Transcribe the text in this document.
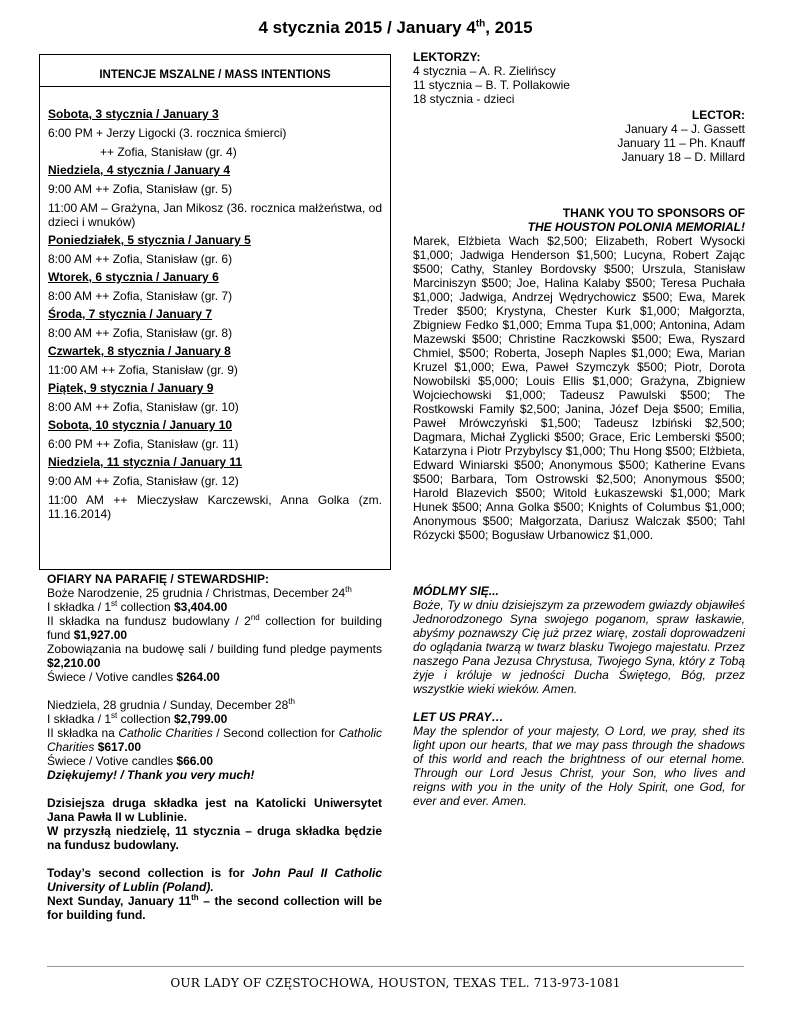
4 stycznia 2015 / January 4th, 2015
INTENCJE MSZALNE / MASS INTENTIONS
Sobota, 3 stycznia / January 3
6:00 PM + Jerzy Ligocki (3. rocznica śmierci)
++ Zofia, Stanisław (gr. 4)
Niedziela, 4 stycznia / January 4
9:00 AM ++ Zofia, Stanisław (gr. 5)
11:00 AM – Grażyna, Jan Mikosz (36. rocznica małżeństwa, od dzieci i wnuków)
Poniedziałek, 5 stycznia / January 5
8:00 AM ++ Zofia, Stanisław (gr. 6)
Wtorek, 6 stycznia / January 6
8:00 AM ++ Zofia, Stanisław (gr. 7)
Środa, 7 stycznia / January 7
8:00 AM ++ Zofia, Stanisław (gr. 8)
Czwartek, 8 stycznia / January 8
11:00 AM ++ Zofia, Stanisław (gr. 9)
Piątek, 9 stycznia / January 9
8:00 AM ++ Zofia, Stanisław (gr. 10)
Sobota, 10 stycznia / January 10
6:00 PM ++ Zofia, Stanisław (gr. 11)
Niedziela, 11 stycznia / January 11
9:00 AM ++ Zofia, Stanisław (gr. 12)
11:00 AM ++ Mieczysław Karczewski, Anna Golka (zm. 11.16.2014)
OFIARY NA PARAFIĘ / STEWARDSHIP:
Boże Narodzenie, 25 grudnia / Christmas, December 24th
I składka / 1st collection $3,404.00
II składka na fundusz budowlany / 2nd collection for building fund $1,927.00
Zobowiązania na budowę sali / building fund pledge payments $2,210.00
Świece / Votive candles $264.00
Niedziela, 28 grudnia / Sunday, December 28th
I składka / 1st collection $2,799.00
II składka na Catholic Charities / Second collection for Catholic Charities $617.00
Świece / Votive candles $66.00
Dziękujemy! / Thank you very much!
Dzisiejsza druga składka jest na Katolicki Uniwersytet Jana Pawła II w Lublinie.
W przyszłą niedzielę, 11 stycznia – druga składka będzie na fundusz budowlany.
Today’s second collection is for John Paul II Catholic University of Lublin (Poland).
Next Sunday, January 11th – the second collection will be for building fund.
LEKTORZY:
4 stycznia – A. R. Zielińscy
11 stycznia – B. T. Pollakowie
18 stycznia - dzieci
LECTOR:
January 4 – J. Gassett
January 11 – Ph. Knauff
January 18 – D. Millard
THANK YOU TO SPONSORS OF
THE HOUSTON POLONIA MEMORIAL!
Marek, Elżbieta Wach $2,500; Elizabeth, Robert Wysocki $1,000; Jadwiga Henderson $1,500; Lucyna, Robert Zając $500; Cathy, Stanley Bordovsky $500; Urszula, Stanisław Marciniszyn $500; Joe, Halina Kalaby $500; Teresa Puchała $1,000; Jadwiga, Andrzej Wędrychowicz $500; Ewa, Marek Treder $500; Krystyna, Chester Kurk $1,000; Małgorzta, Zbigniew Fedko $1,000; Emma Tupa $1,000; Antonina, Adam Mazewski $500; Christine Raczkowski $500; Ewa, Ryszard Chmiel, $500; Roberta, Joseph Naples $1,000; Ewa, Marian Kruzel $1,000; Ewa, Paweł Szymczyk $500; Piotr, Dorota Nowobilski $5,000; Louis Ellis $1,000; Grażyna, Zbigniew Wojciechowski $1,000; Tadeusz Pawulski $500; The Rostkowski Family $2,500; Janina, Józef Deja $500; Emilia, Paweł Mrówczyński $1,500; Tadeusz Izbiński $2,500; Dagmara, Michał Zyglicki $500; Grace, Eric Lemberski $500; Katarzyna i Piotr Przybylscy $1,000; Thu Hong $500; Elżbieta, Edward Winiarski $500; Anonymous $500; Katherine Evans $500; Barbara, Tom Ostrowski $2,500; Anonymous $500; Harold Blazevich $500; Witold Łukaszewski $1,000; Mark Hunek $500; Anna Golka $500; Knights of Columbus $1,000; Anonymous $500; Małgorzata, Dariusz Walczak $500; Tahl Rózycki $500; Bogusław Urbanowicz $1,000.
MÓDLMY SIĘ...
Boże, Ty w dniu dzisiejszym za przewodem gwiazdy objawiłeś Jednorodzonego Syna swojego poganom, spraw łaskawie, abyśmy poznawszy Cię już przez wiarę, zostali doprowadzeni do oglądania twarzą w twarz blasku Twojego majestatu. Przez naszego Pana Jezusa Chrystusa, Twojego Syna, który z Tobą żyje i króluje w jedności Ducha Świętego, Bóg, przez wszystkie wieki wieków. Amen.
LET US PRAY…
May the splendor of your majesty, O Lord, we pray, shed its light upon our hearts, that we may pass through the shadows of this world and reach the brightness of our eternal home. Through our Lord Jesus Christ, your Son, who lives and reigns with you in the unity of the Holy Spirit, one God, for ever and ever. Amen.
OUR LADY OF CZĘSTOCHOWA, HOUSTON, TEXAS TEL. 713-973-1081
